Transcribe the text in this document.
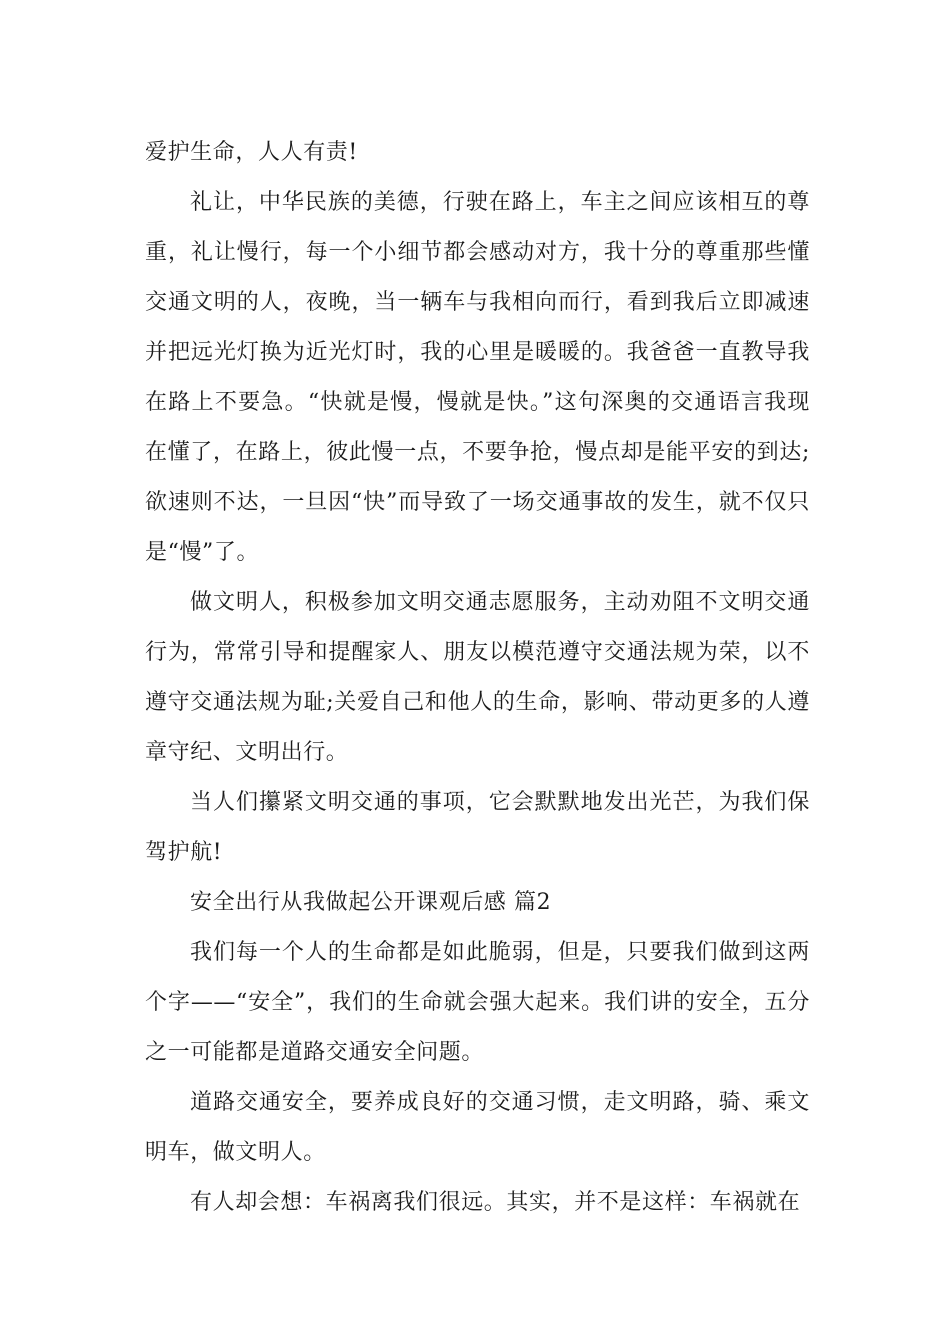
爱护生命，人人有责!

礼让，中华民族的美德，行驶在路上，车主之间应该相互的尊重，礼让慢行，每一个小细节都会感动对方，我十分的尊重那些懂交通文明的人，夜晚，当一辆车与我相向而行，看到我后立即减速并把远光灯换为近光灯时，我的心里是暖暖的。我爸爸一直教导我在路上不要急。“快就是慢，慢就是快。”这句深奥的交通语言我现在懂了，在路上，彼此慢一点，不要争抢，慢点却是能平安的到达;欲速则不达，一旦因“快”而导致了一场交通事故的发生，就不仅只是“慢”了。

做文明人，积极参加文明交通志愿服务，主动劝阻不文明交通行为，常常引导和提醒家人、朋友以模范遵守交通法规为荣，以不遵守交通法规为耻;关爱自己和他人的生命，影响、带动更多的人遵章守纪、文明出行。

当人们攥紧文明交通的事项，它会默默地发出光芒，为我们保驾护航!

安全出行从我做起公开课观后感 篇2

我们每一个人的生命都是如此脆弱，但是，只要我们做到这两个字——“安全”，我们的生命就会强大起来。我们讲的安全，五分之一可能都是道路交通安全问题。

道路交通安全，要养成良好的交通习惯，走文明路，骑、乘文明车，做文明人。

有人却会想：车祸离我们很远。其实，并不是这样：车祸就在
